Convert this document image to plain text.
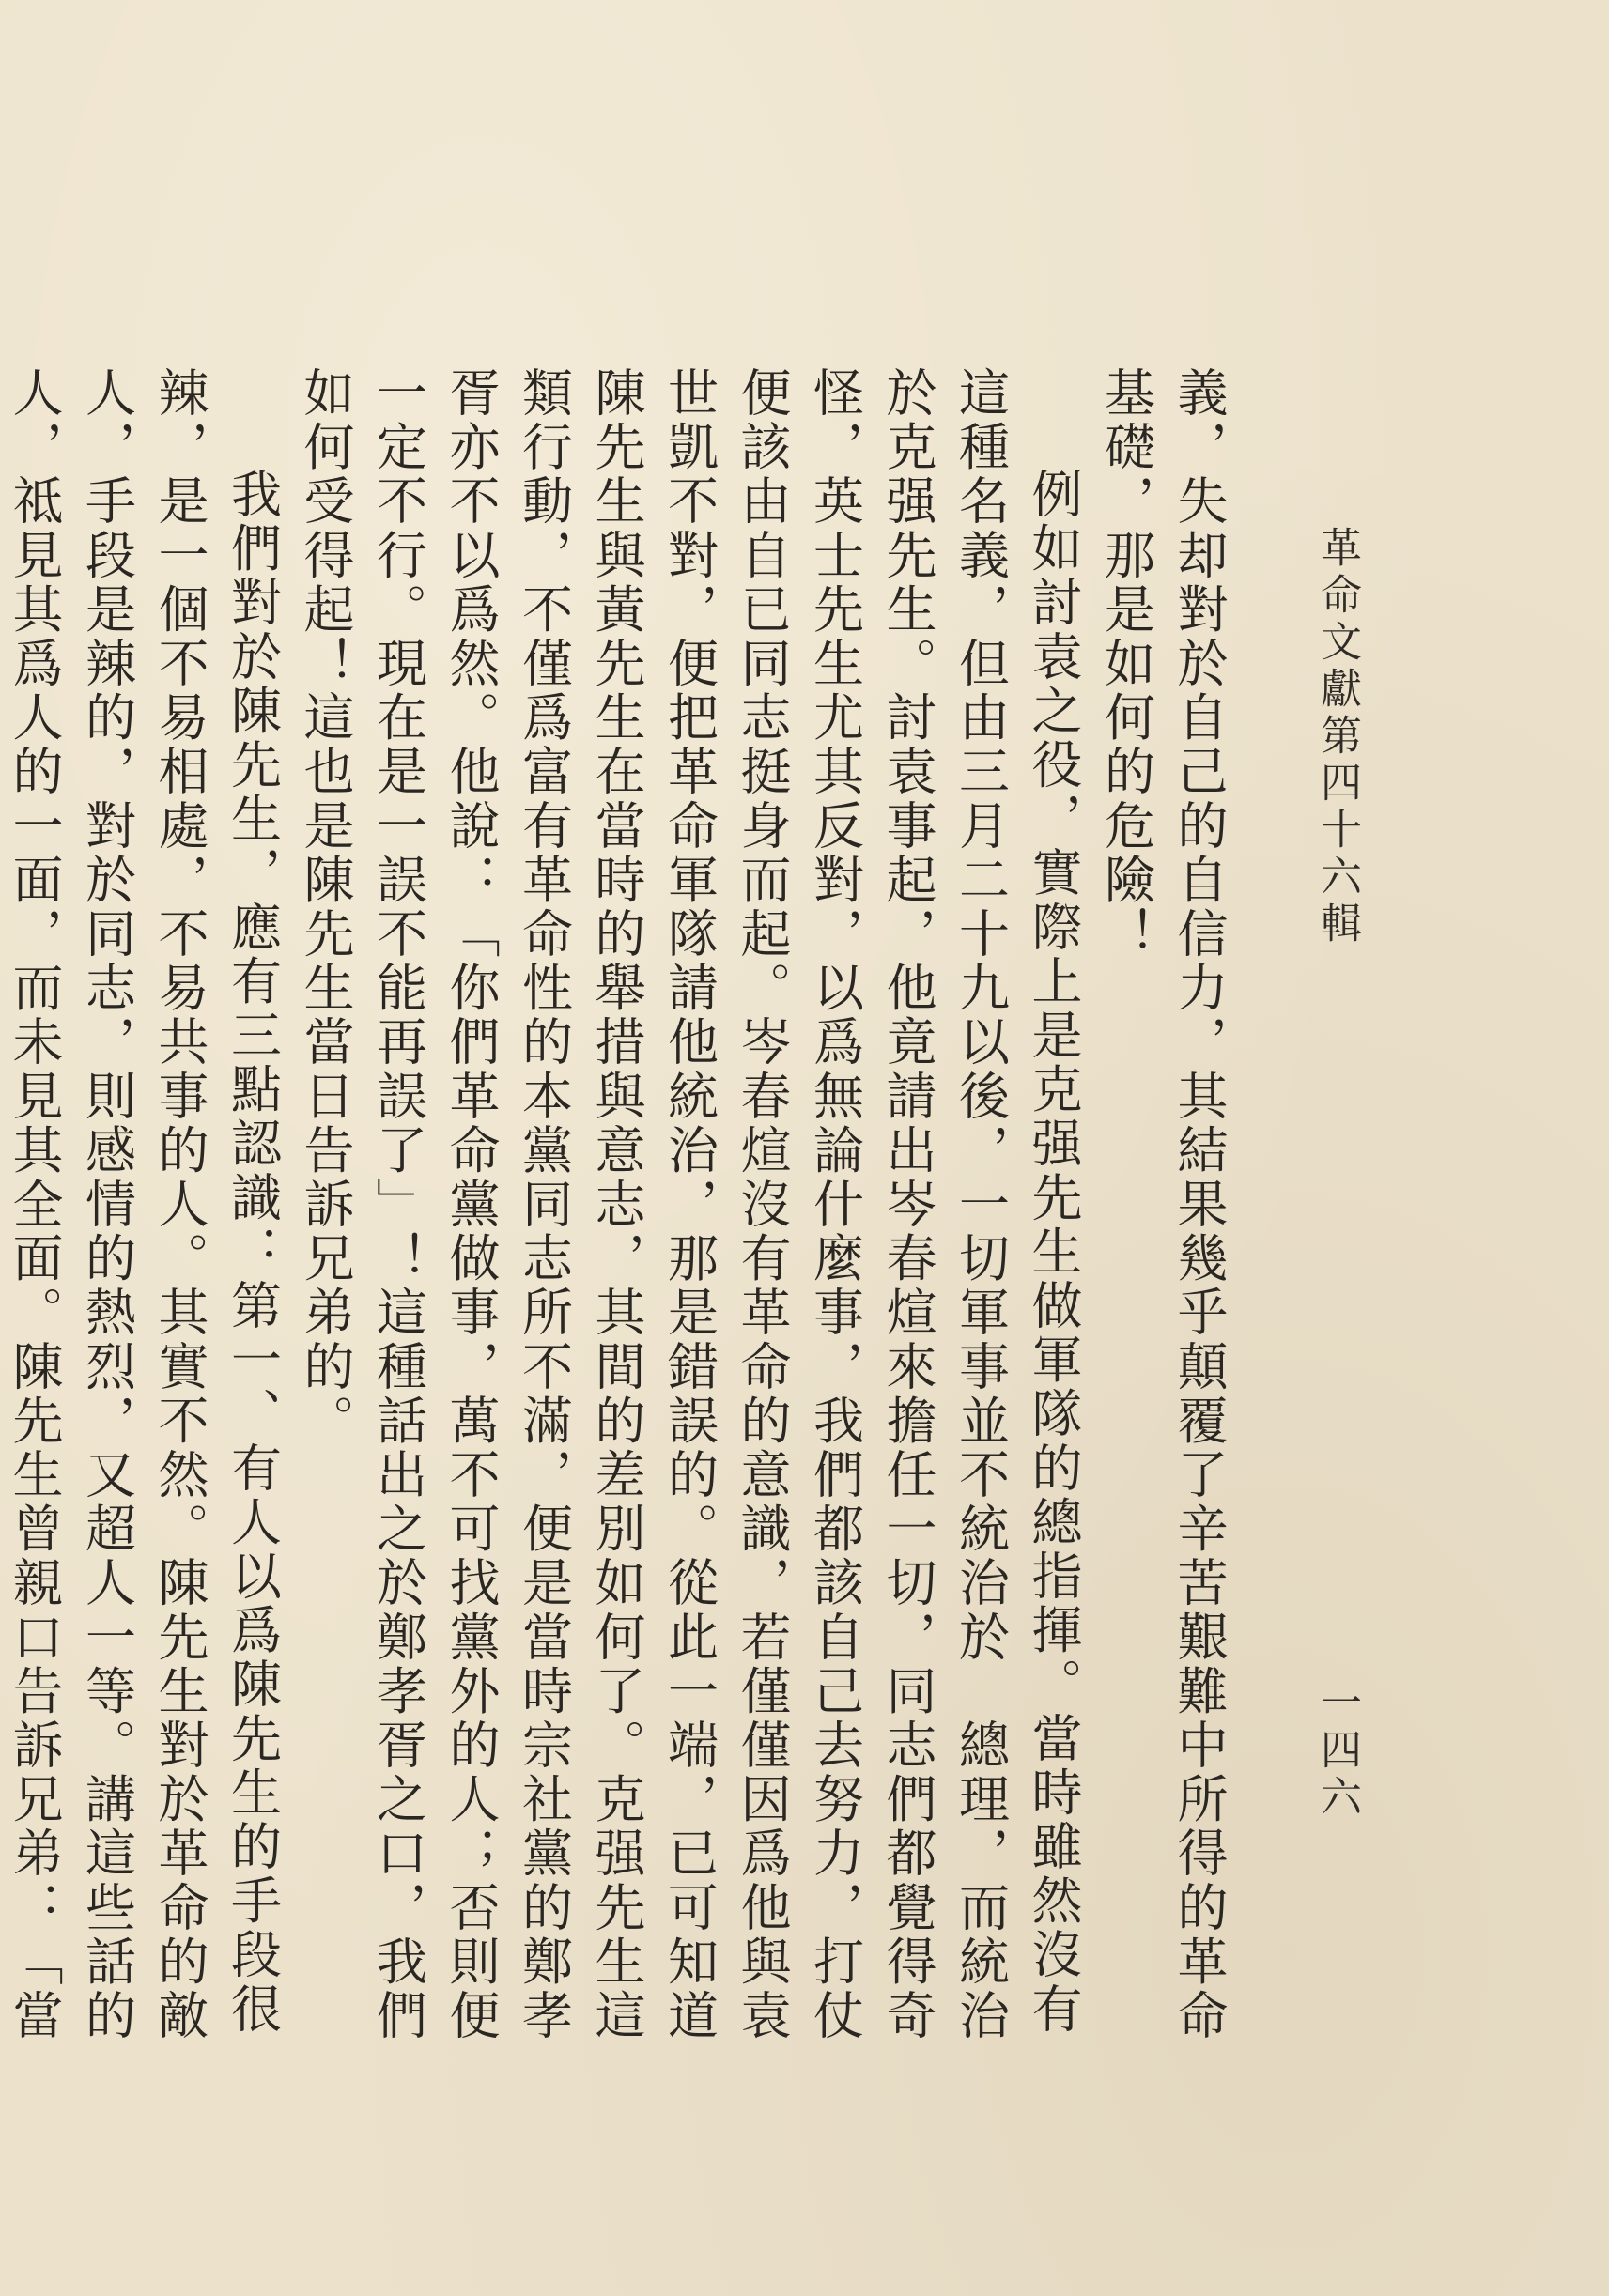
革命文獻第四十六輯
一四六

義，失却對於自己的自信力，其結果幾乎顛覆了辛苦艱難中所得的革命基礎，那是如何的危險！

例如討袁之役，實際上是克强先生做軍隊的總指揮。當時雖然沒有這種名義，但由三月二十九以後，一切軍事並不統治於　總理，而統治於克强先生。討袁事起，他竟請出岑春煊來擔任一切，同志們都覺得奇怪，英士先生尤其反對，以爲無論什麼事，我們都該自己去努力，打仗便該由自已同志挺身而起。岑春煊沒有革命的意識，若僅僅因爲他與袁世凱不對，便把革命軍隊請他統治，那是錯誤的。從此一端，已可知道陳先生與黃先生在當時的舉措與意志，其間的差別如何了。克强先生這類行動，不僅爲富有革命性的本黨同志所不滿，便是當時宗社黨的鄭孝胥亦不以爲然。他說：「你們革命黨做事，萬不可找黨外的人；否則便一定不行。現在是一誤不能再誤了」！這種話出之於鄭孝胥之口，我們如何受得起！這也是陳先生當日告訴兄弟的。

我們對於陳先生，應有三點認識：第一、有人以爲陳先生的手段很辣，是一個不易相處，不易共事的人。其實不然。陳先生對於革命的敵人，手段是辣的，對於同志，則感情的熱烈，又超人一等。講這些話的人，祗見其爲人的一面，而未見其全面。陳先生曾親口告訴兄弟：「當
